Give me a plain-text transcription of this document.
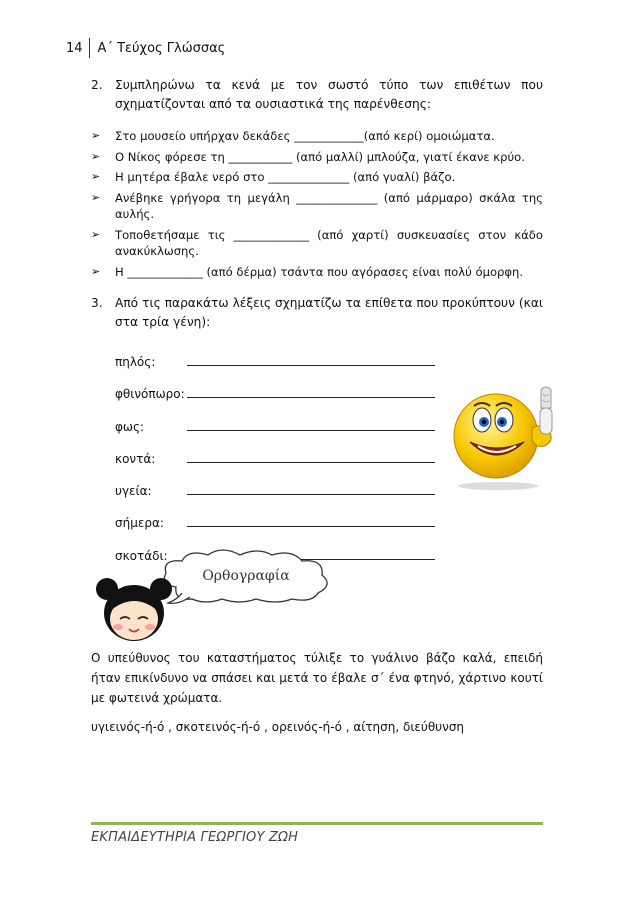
14	Α΄ Τεύχος Γλώσσας
2.	Συμπληρώνω τα κενά με τον σωστό τύπο των επιθέτων που σχηματίζονται από τα ουσιαστικά της παρένθεσης:
➢ Στο μουσείο υπήρχαν δεκάδες ____________(από κερί) ομοιώματα.
➢ Ο Νίκος φόρεσε τη ___________ (από μαλλί) μπλούζα, γιατί έκανε κρύο.
➢ Η μητέρα έβαλε νερό στο ______________ (από γυαλί) βάζο.
➢ Ανέβηκε γρήγορα τη μεγάλη ______________ (από μάρμαρο) σκάλα της αυλής.
➢ Τοποθετήσαμε τις _____________ (από χαρτί) συσκευασίες στον κάδο ανακύκλωσης.
➢ Η _____________ (από δέρμα) τσάντα που αγόρασες είναι πολύ όμορφη.
3.	Από τις παρακάτω λέξεις σχηματίζω τα επίθετα που προκύπτουν (και στα τρία γένη):
πηλός:
φθινόπωρο:
φως:
κοντά:
υγεία:
σήμερα:
σκοτάδι:
Ορθογραφία
Ο υπεύθυνος του καταστήματος τύλιξε το γυάλινο βάζο καλά, επειδή ήταν επικίνδυνο να σπάσει και μετά το έβαλε σ΄ ένα φτηνό, χάρτινο κουτί με φωτεινά χρώματα.
υγιεινός-ή-ό , σκοτεινός-ή-ό , ορεινός-ή-ό , αίτηση, διεύθυνση
ΕΚΠΑΙΔΕΥΤΗΡΙΑ ΓΕΩΡΓΙΟΥ ΖΩΗ
